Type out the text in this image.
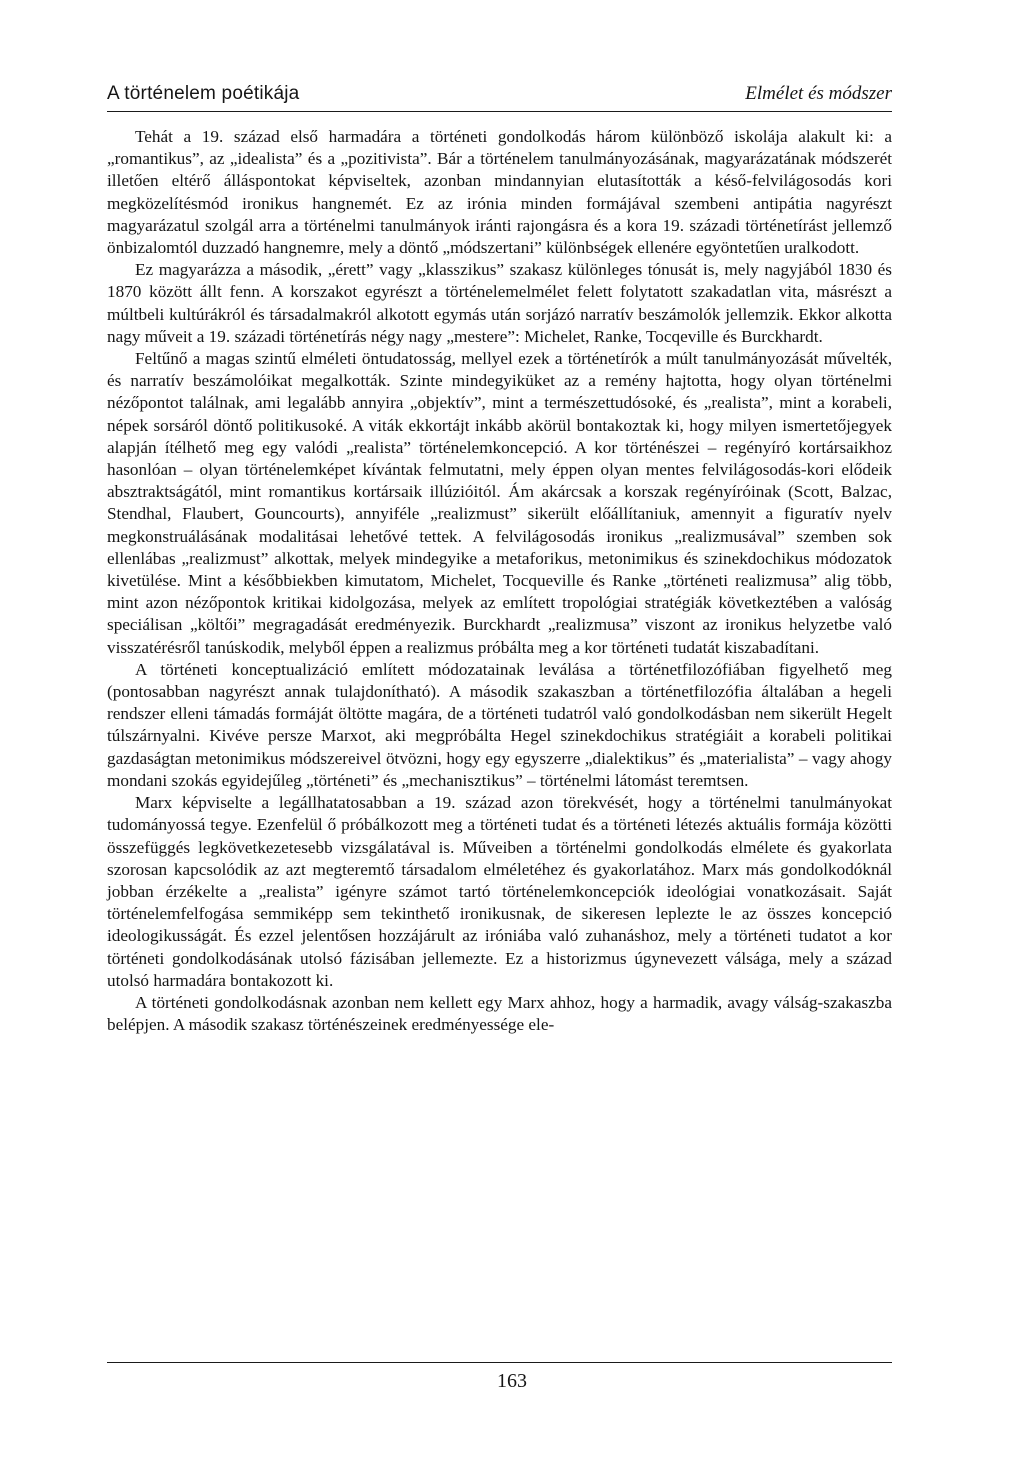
A történelem poétikája	Elmélet és módszer

Tehát a 19. század első harmadára a történeti gondolkodás három különböző iskolája alakult ki: a „romantikus”, az „idealista” és a „pozitivista”. Bár a történelem tanulmányozásának, magyarázatának módszerét illetően eltérő álláspontokat képviseltek, azonban mindannyian elutasították a késő-felvilágosodás kori megközelítésmód ironikus hangnemét. Ez az irónia minden formájával szembeni antipátia nagyrészt magyarázatul szolgál arra a történelmi tanulmányok iránti rajongásra és a kora 19. századi történetírást jellemző önbizalomtól duzzadó hangnemre, mely a döntő „módszertani” különbségek ellenére egyöntetűen uralkodott.

Ez magyarázza a második, „érett” vagy „klasszikus” szakasz különleges tónusát is, mely nagyjából 1830 és 1870 között állt fenn. A korszakot egyrészt a történelemelmélet felett folytatott szakadatlan vita, másrészt a múltbeli kultúrákról és társadalmakról alkotott egymás után sorjázó narratív beszámolók jellemzik. Ekkor alkotta nagy műveit a 19. századi történetírás négy nagy „mestere”: Michelet, Ranke, Tocqeville és Burckhardt.

Feltűnő a magas szintű elméleti öntudatosság, mellyel ezek a történetírók a múlt tanulmányozását művelték, és narratív beszámolóikat megalkották. Szinte mindegyiküket az a remény hajtotta, hogy olyan történelmi nézőpontot találnak, ami legalább annyira „objektív”, mint a természettudósoké, és „realista”, mint a korabeli, népek sorsáról döntő politikusoké. A viták ekkortájt inkább akörül bontakoztak ki, hogy milyen ismertetőjegyek alapján ítélhető meg egy valódi „realista” történelemkoncepció. A kor történészei – regényíró kortársaikhoz hasonlóan – olyan történelemképet kívántak felmutatni, mely éppen olyan mentes felvilágosodás-kori elődeik absztraktságától, mint romantikus kortársaik illúzióitól. Ám akárcsak a korszak regényíróinak (Scott, Balzac, Stendhal, Flaubert, Gouncourts), annyiféle „realizmust” sikerült előállítaniuk, amennyit a figuratív nyelv megkonstruálásának modalitásai lehetővé tettek. A felvilágosodás ironikus „realizmusával” szemben sok ellenlábas „realizmust” alkottak, melyek mindegyike a metaforikus, metonimikus és szinekdochikus módozatok kivetülése. Mint a későbbiekben kimutatom, Michelet, Tocqueville és Ranke „történeti realizmusa” alig több, mint azon nézőpontok kritikai kidolgozása, melyek az említett tropológiai stratégiák következtében a valóság speciálisan „költői” megragadását eredményezik. Burckhardt „realizmusa” viszont az ironikus helyzetbe való visszatérésről tanúskodik, melyből éppen a realizmus próbálta meg a kor történeti tudatát kiszabadítani.

A történeti konceptualizáció említett módozatainak leválása a történetfilozófiában figyelhető meg (pontosabban nagyrészt annak tulajdonítható). A második szakaszban a történetfilozófia általában a hegeli rendszer elleni támadás formáját öltötte magára, de a történeti tudatról való gondolkodásban nem sikerült Hegelt túlszárnyalni. Kivéve persze Marxot, aki megpróbálta Hegel szinekdochikus stratégiáit a korabeli politikai gazdaságtan metonimikus módszereivel ötvözni, hogy egy egyszerre „dialektikus” és „materialista” – vagy ahogy mondani szokás egyidejűleg „történeti” és „mechanisztikus” – történelmi látomást teremtsen.

Marx képviselte a legállhatatosabban a 19. század azon törekvését, hogy a történelmi tanulmányokat tudományossá tegye. Ezenfelül ő próbálkozott meg a történeti tudat és a történeti létezés aktuális formája közötti összefüggés legkövetkezetesebb vizsgálatával is. Műveiben a történelmi gondolkodás elmélete és gyakorlata szorosan kapcsolódik az azt megteremtő társadalom elméletéhez és gyakorlatához. Marx más gondolkodóknál jobban érzékelte a „realista” igényre számot tartó történelemkoncepciók ideológiai vonatkozásait. Saját történelemfelfogása semmiképp sem tekinthető ironikusnak, de sikeresen leplezte le az összes koncepció ideologikusságát. És ezzel jelentősen hozzájárult az iróniába való zuhanáshoz, mely a történeti tudatot a kor történeti gondolkodásának utolsó fázisában jellemezte. Ez a historizmus úgynevezett válsága, mely a század utolsó harmadára bontakozott ki.

A történeti gondolkodásnak azonban nem kellett egy Marx ahhoz, hogy a harmadik, avagy válság-szakaszba belépjen. A második szakasz történészeinek eredményessége ele-

163
